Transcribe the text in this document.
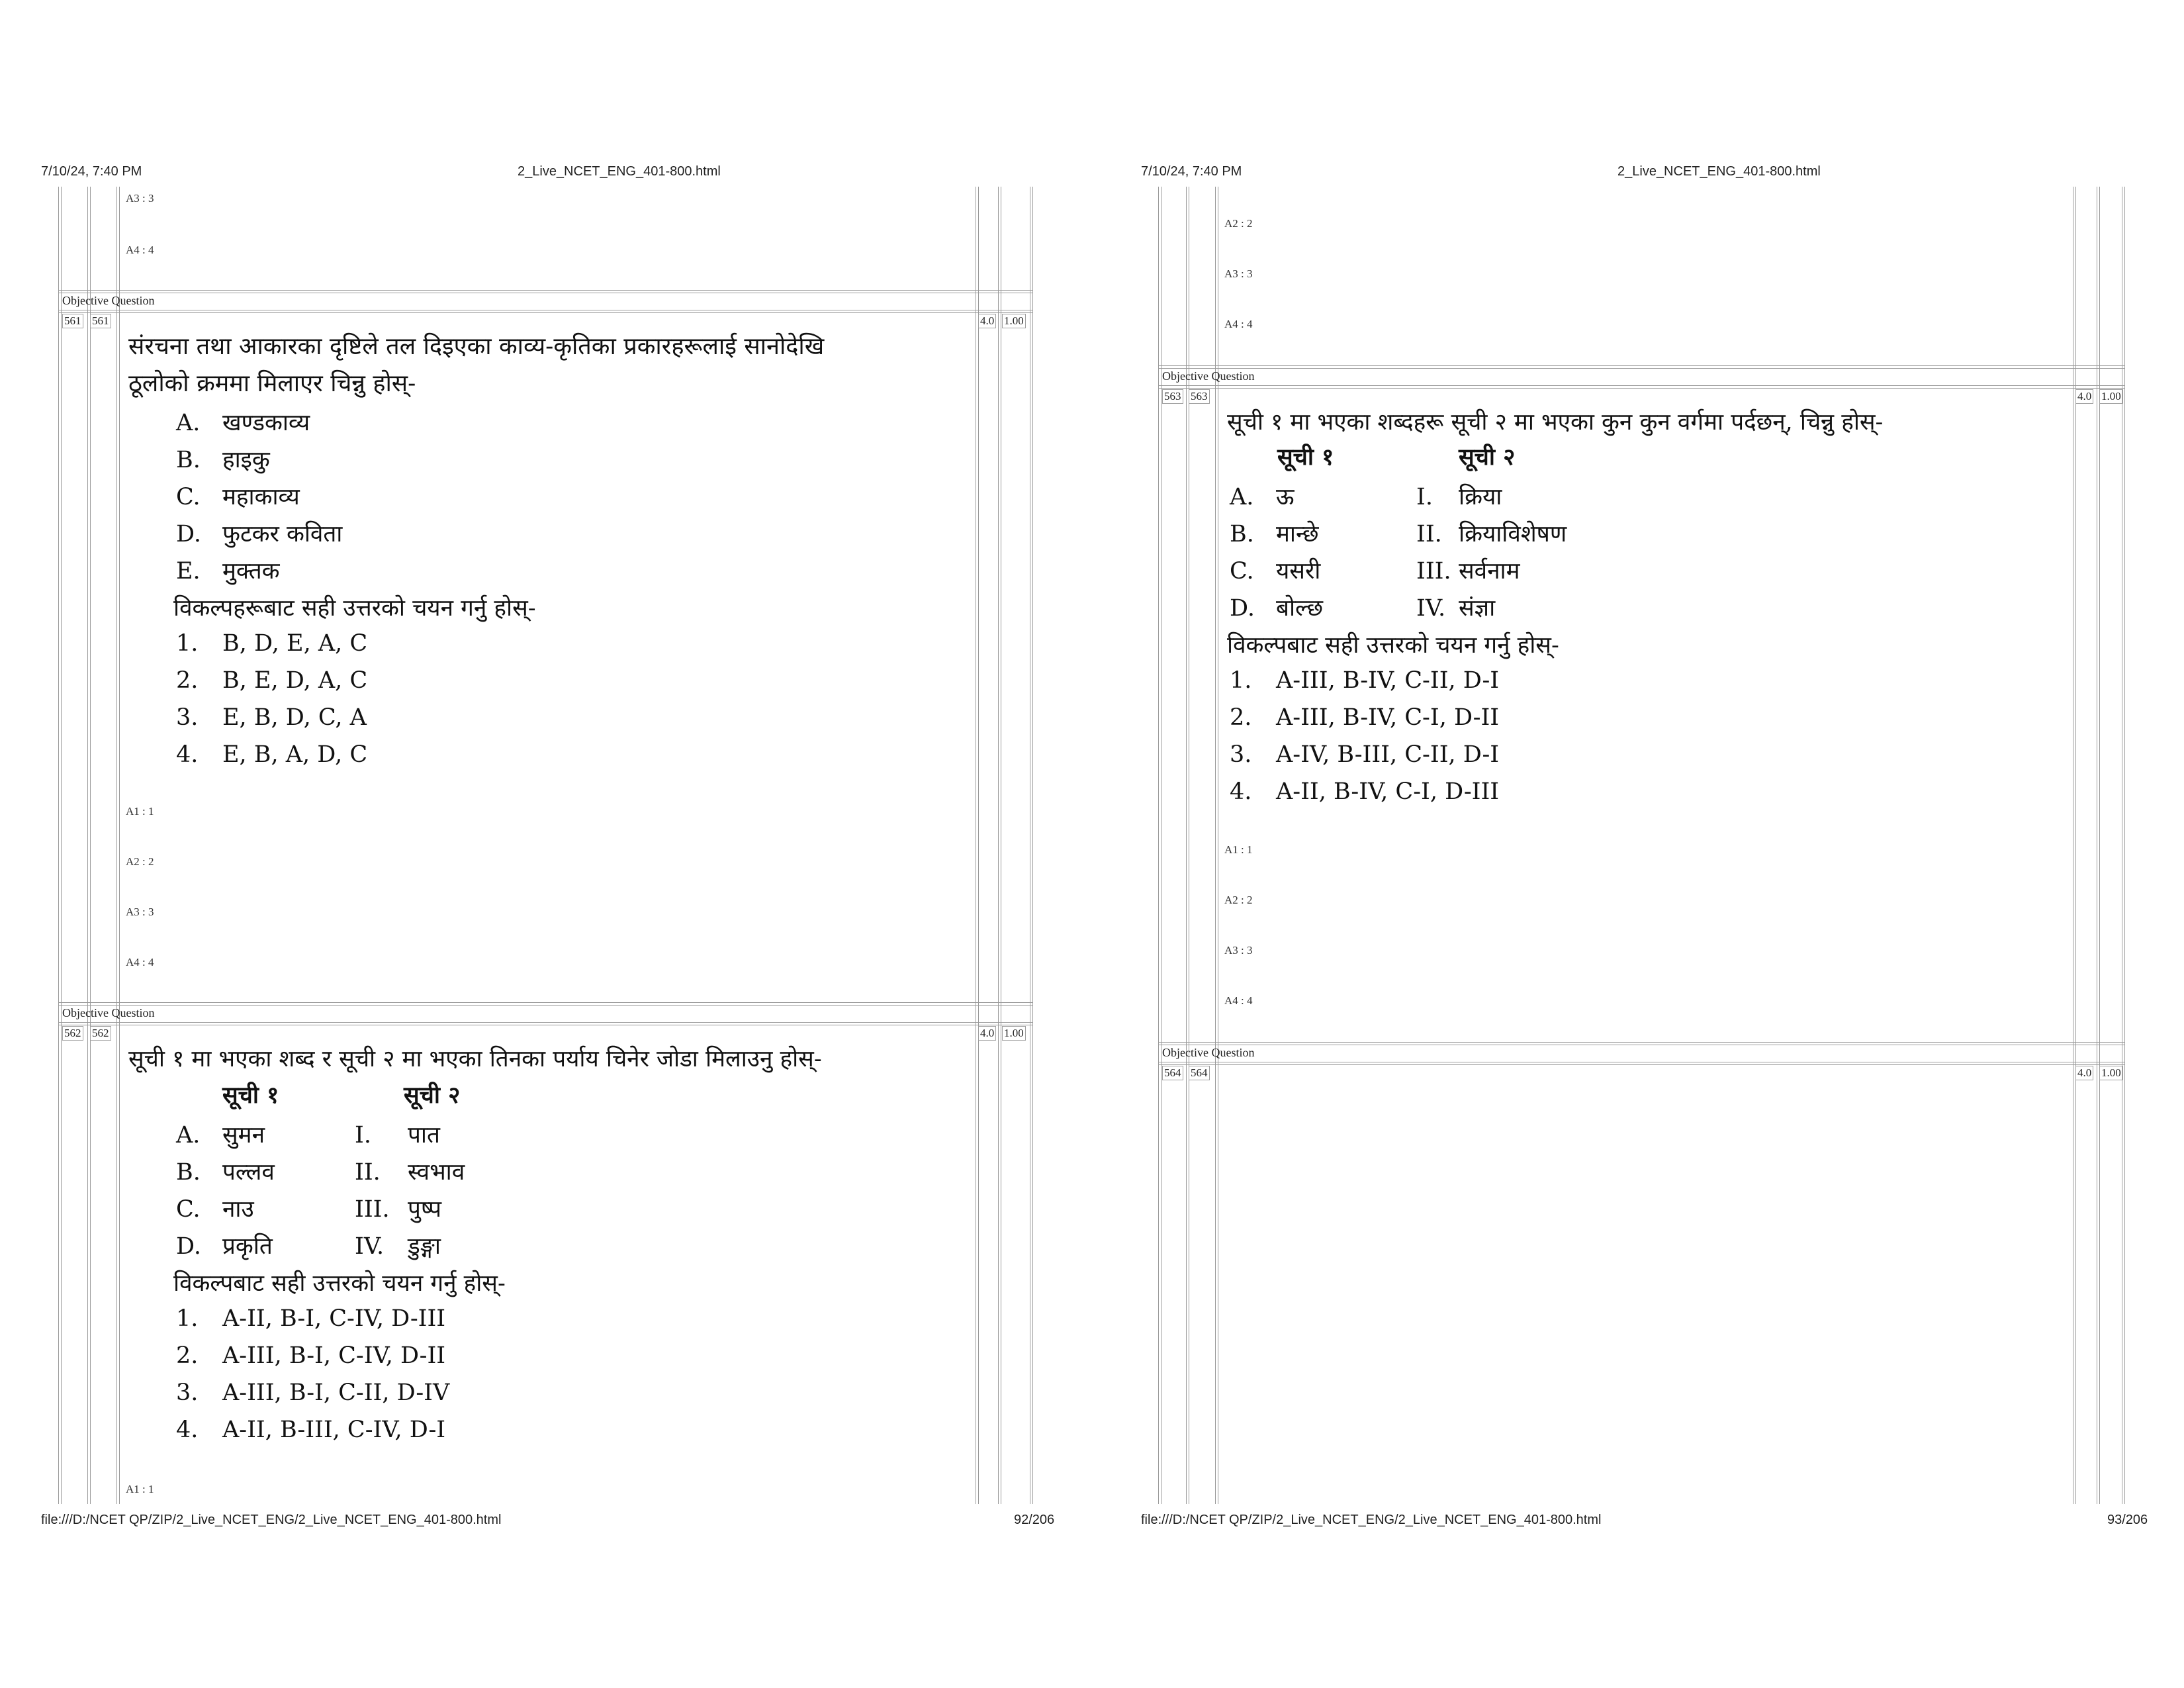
7/10/24, 7:40 PM	2_Live_NCET_ENG_401-800.html
A3 : 3
A4 : 4
Objective Question
561 561	4.0 1.00
संरचना तथा आकारका दृष्टिले तल दिइएका काव्य-कृतिका प्रकारहरूलाई सानोदेखि
ठूलोको क्रममा मिलाएर चिन्नु होस्-
A. खण्डकाव्य
B. हाइकु
C. महाकाव्य
D. फुटकर कविता
E. मुक्तक
विकल्पहरूबाट सही उत्तरको चयन गर्नु होस्-
1. B, D, E, A, C
2. B, E, D, A, C
3. E, B, D, C, A
4. E, B, A, D, C
A1 : 1
A2 : 2
A3 : 3
A4 : 4
Objective Question
562 562	4.0 1.00
सूची १ मा भएका शब्द र सूची २ मा भएका तिनका पर्याय चिनेर जोडा मिलाउनु होस्-
सूची १	सूची २
A. सुमन	I. पात
B. पल्लव	II. स्वभाव
C. नाउ	III. पुष्प
D. प्रकृति	IV. डुङ्गा
विकल्पबाट सही उत्तरको चयन गर्नु होस्-
1. A-II, B-I, C-IV, D-III
2. A-III, B-I, C-IV, D-II
3. A-III, B-I, C-II, D-IV
4. A-II, B-III, C-IV, D-I
A1 : 1
file:///D:/NCET QP/ZIP/2_Live_NCET_ENG/2_Live_NCET_ENG_401-800.html	92/206
7/10/24, 7:40 PM	2_Live_NCET_ENG_401-800.html
A2 : 2
A3 : 3
A4 : 4
Objective Question
563 563	4.0 1.00
सूची १ मा भएका शब्दहरू सूची २ मा भएका कुन कुन वर्गमा पर्दछन्, चिन्नु होस्-
सूची १	सूची २
A. ऊ	I. क्रिया
B. मान्छे	II. क्रियाविशेषण
C. यसरी	III. सर्वनाम
D. बोल्छ	IV. संज्ञा
विकल्पबाट सही उत्तरको चयन गर्नु होस्-
1. A-III, B-IV, C-II, D-I
2. A-III, B-IV, C-I, D-II
3. A-IV, B-III, C-II, D-I
4. A-II, B-IV, C-I, D-III
A1 : 1
A2 : 2
A3 : 3
A4 : 4
Objective Question
564 564	4.0 1.00
file:///D:/NCET QP/ZIP/2_Live_NCET_ENG/2_Live_NCET_ENG_401-800.html	93/206
